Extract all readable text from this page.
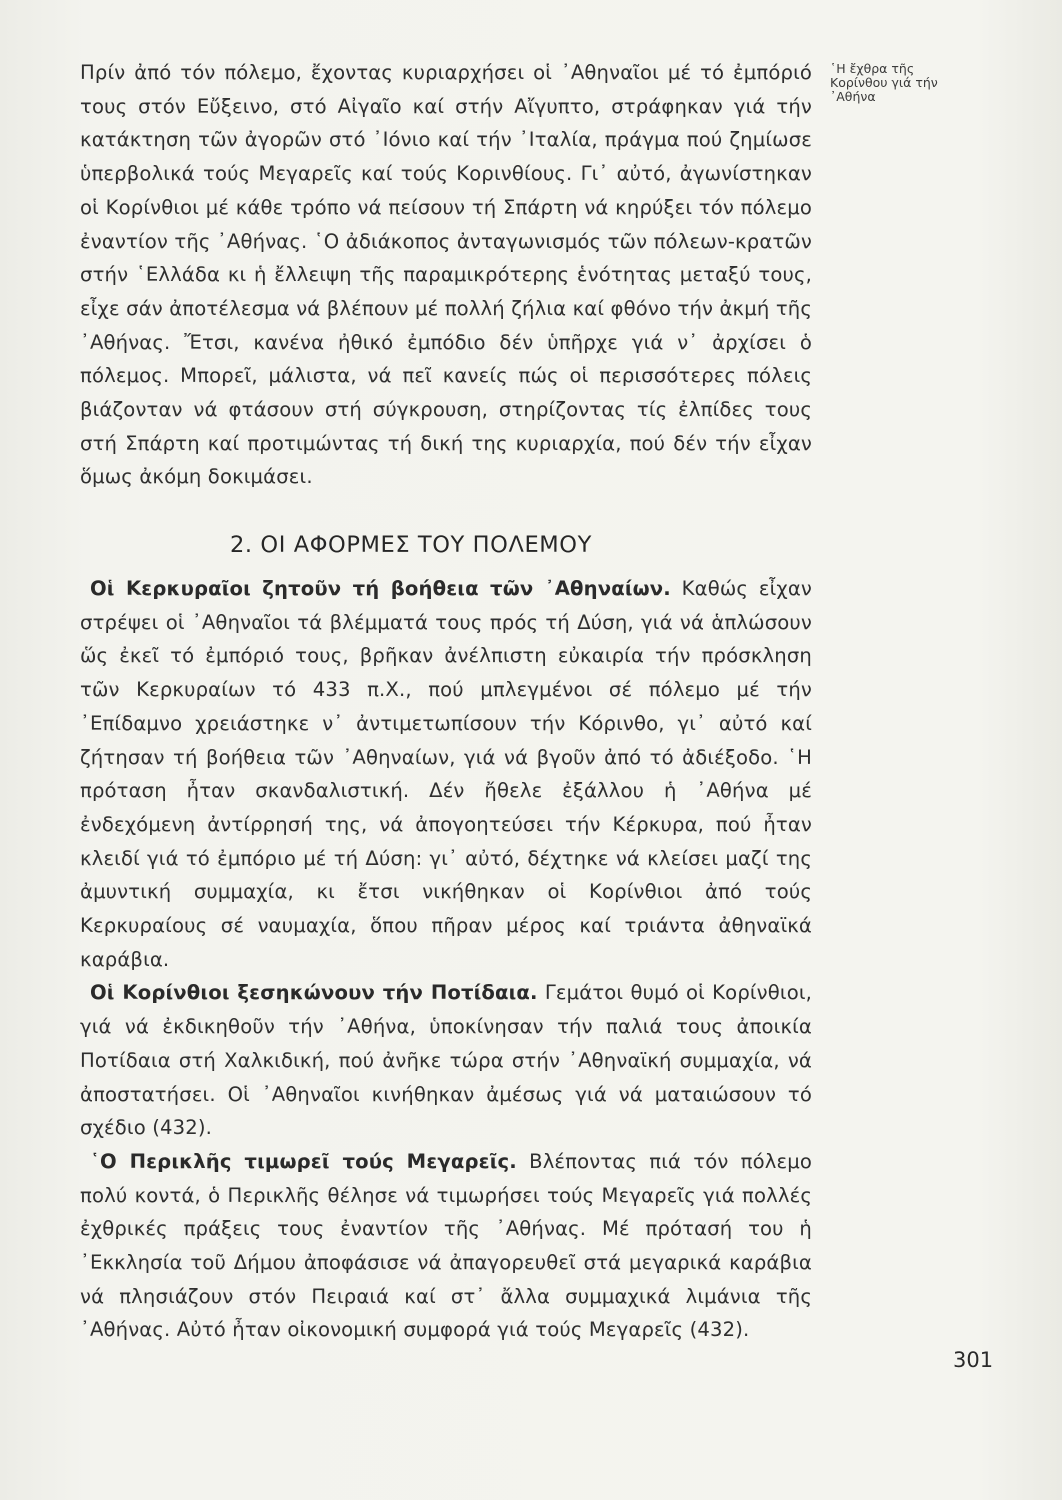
῾Η ἔχθρα τῆς
Κορίνθου γιά τήν
᾿Αθήνα

Πρίν ἀπό τόν πόλεμο, ἔχοντας κυριαρχήσει οἱ ᾿Αθηναῖοι μέ τό ἐμπόριό τους στόν Εὔξεινο, στό Αἰγαῖο καί στήν Αἴγυπτο, στράφηκαν γιά τήν κατάκτηση τῶν ἀγορῶν στό ᾿Ιόνιο καί τήν ᾿Ιταλία, πράγμα πού ζημίωσε ὑπερβολικά τούς Μεγαρεῖς καί τούς Κορινθίους. Γι᾿ αὐτό, ἀγωνίστηκαν οἱ Κορίνθιοι μέ κάθε τρόπο νά πείσουν τή Σπάρτη νά κηρύξει τόν πόλεμο ἐναντίον τῆς ᾿Αθήνας. ῾Ο ἀδιάκοπος ἀνταγωνισμός τῶν πόλεων-κρατῶν στήν ῾Ελλάδα κι ἡ ἔλλειψη τῆς παραμικρότερης ἑνότητας μεταξύ τους, εἶχε σάν ἀποτέλεσμα νά βλέπουν μέ πολλή ζήλια καί φθόνο τήν ἀκμή τῆς ᾿Αθήνας. Ἔτσι, κανένα ἠθικό ἐμπόδιο δέν ὑπῆρχε γιά ν᾿ ἀρχίσει ὁ πόλεμος. Μπορεῖ, μάλιστα, νά πεῖ κανείς πώς οἱ περισσότερες πόλεις βιάζονταν νά φτάσουν στή σύγκρουση, στηρίζοντας τίς ἐλπίδες τους στή Σπάρτη καί προτιμώντας τή δική της κυριαρχία, πού δέν τήν εἶχαν ὅμως ἀκόμη δοκιμάσει.

2. ΟΙ ΑΦΟΡΜΕΣ ΤΟΥ ΠΟΛΕΜΟΥ

Οἱ Κερκυραῖοι ζητοῦν τή βοήθεια τῶν ᾿Αθηναίων. Καθώς εἶχαν στρέψει οἱ ᾿Αθηναῖοι τά βλέμματά τους πρός τή Δύση, γιά νά ἁπλώσουν ὥς ἐκεῖ τό ἐμπόριό τους, βρῆκαν ἀνέλπιστη εὐκαιρία τήν πρόσκληση τῶν Κερκυραίων τό 433 π.Χ., πού μπλεγμένοι σέ πόλεμο μέ τήν ᾿Επίδαμνο χρειάστηκε ν᾿ ἀντιμετωπίσουν τήν Κόρινθο, γι᾿ αὐτό καί ζήτησαν τή βοήθεια τῶν ᾿Αθηναίων, γιά νά βγοῦν ἀπό τό ἀδιέξοδο. ῾Η πρόταση ἦταν σκανδαλιστική. Δέν ἤθελε ἐξάλλου ἡ ᾿Αθήνα μέ ἐνδεχόμενη ἀντίρρησή της, νά ἀπογοητεύσει τήν Κέρκυρα, πού ἦταν κλειδί γιά τό ἐμπόριο μέ τή Δύση: γι᾿ αὐτό, δέχτηκε νά κλείσει μαζί της ἀμυντική συμμαχία, κι ἔτσι νικήθηκαν οἱ Κορίνθιοι ἀπό τούς Κερκυραίους σέ ναυμαχία, ὅπου πῆραν μέρος καί τριάντα ἀθηναϊκά καράβια.

Οἱ Κορίνθιοι ξεσηκώνουν τήν Ποτίδαια. Γεμάτοι θυμό οἱ Κορίνθιοι, γιά νά ἐκδικηθοῦν τήν ᾿Αθήνα, ὑποκίνησαν τήν παλιά τους ἀποικία Ποτίδαια στή Χαλκιδική, πού ἀνῆκε τώρα στήν ᾿Αθηναϊκή συμμαχία, νά ἀποστατήσει. Οἱ ᾿Αθηναῖοι κινήθηκαν ἀμέσως γιά νά ματαιώσουν τό σχέδιο (432).

῾Ο Περικλῆς τιμωρεῖ τούς Μεγαρεῖς. Βλέποντας πιά τόν πόλεμο πολύ κοντά, ὁ Περικλῆς θέλησε νά τιμωρήσει τούς Μεγαρεῖς γιά πολλές ἐχθρικές πράξεις τους ἐναντίον τῆς ᾿Αθήνας. Μέ πρότασή του ἡ ᾿Εκκλησία τοῦ Δήμου ἀποφάσισε νά ἀπαγορευθεῖ στά μεγαρικά καράβια νά πλησιάζουν στόν Πειραιά καί στ᾿ ἄλλα συμμαχικά λιμάνια τῆς ᾿Αθήνας. Αὐτό ἦταν οἰκονομική συμφορά γιά τούς Μεγαρεῖς (432).

301
